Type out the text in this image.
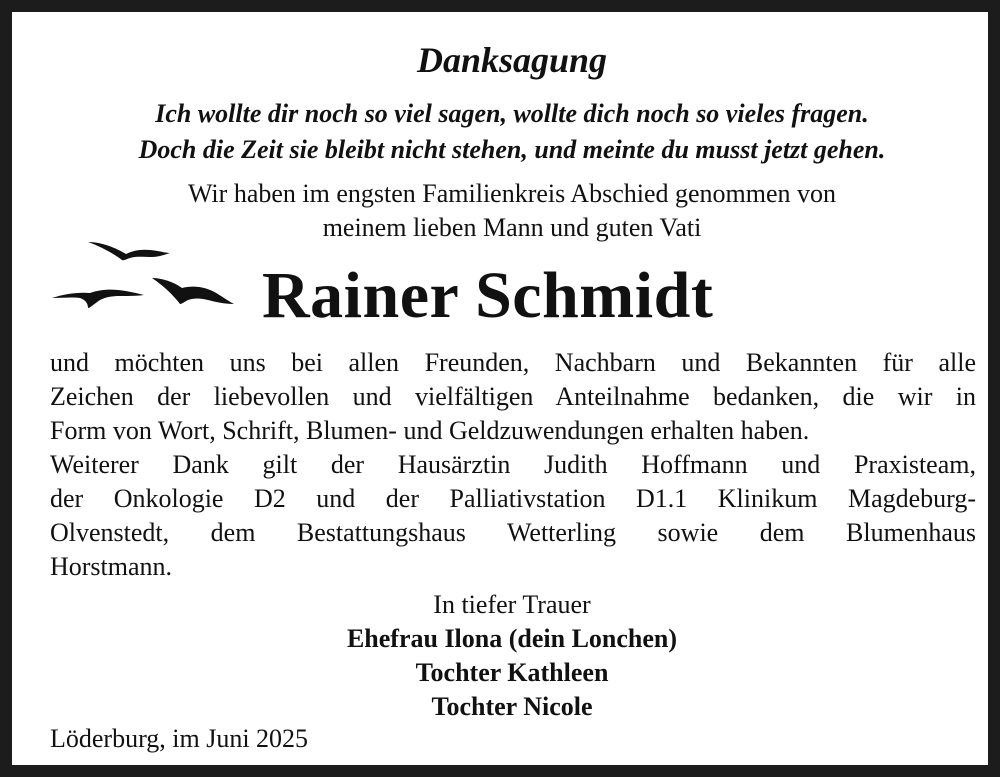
Danksagung
Ich wollte dir noch so viel sagen, wollte dich noch so vieles fragen.
Doch die Zeit sie bleibt nicht stehen, und meinte du musst jetzt gehen.
Wir haben im engsten Familienkreis Abschied genommen von
meinem lieben Mann und guten Vati
Rainer Schmidt
und möchten uns bei allen Freunden, Nachbarn und Bekannten für alle
Zeichen der liebevollen und vielfältigen Anteilnahme bedanken, die wir in
Form von Wort, Schrift, Blumen- und Geldzuwendungen erhalten haben.
Weiterer Dank gilt der Hausärztin Judith Hoffmann und Praxisteam,
der Onkologie D2 und der Palliativstation D1.1 Klinikum Magdeburg-
Olvenstedt, dem Bestattungshaus Wetterling sowie dem Blumenhaus
Horstmann.
In tiefer Trauer
Ehefrau Ilona (dein Lonchen)
Tochter Kathleen
Tochter Nicole
Löderburg, im Juni 2025
